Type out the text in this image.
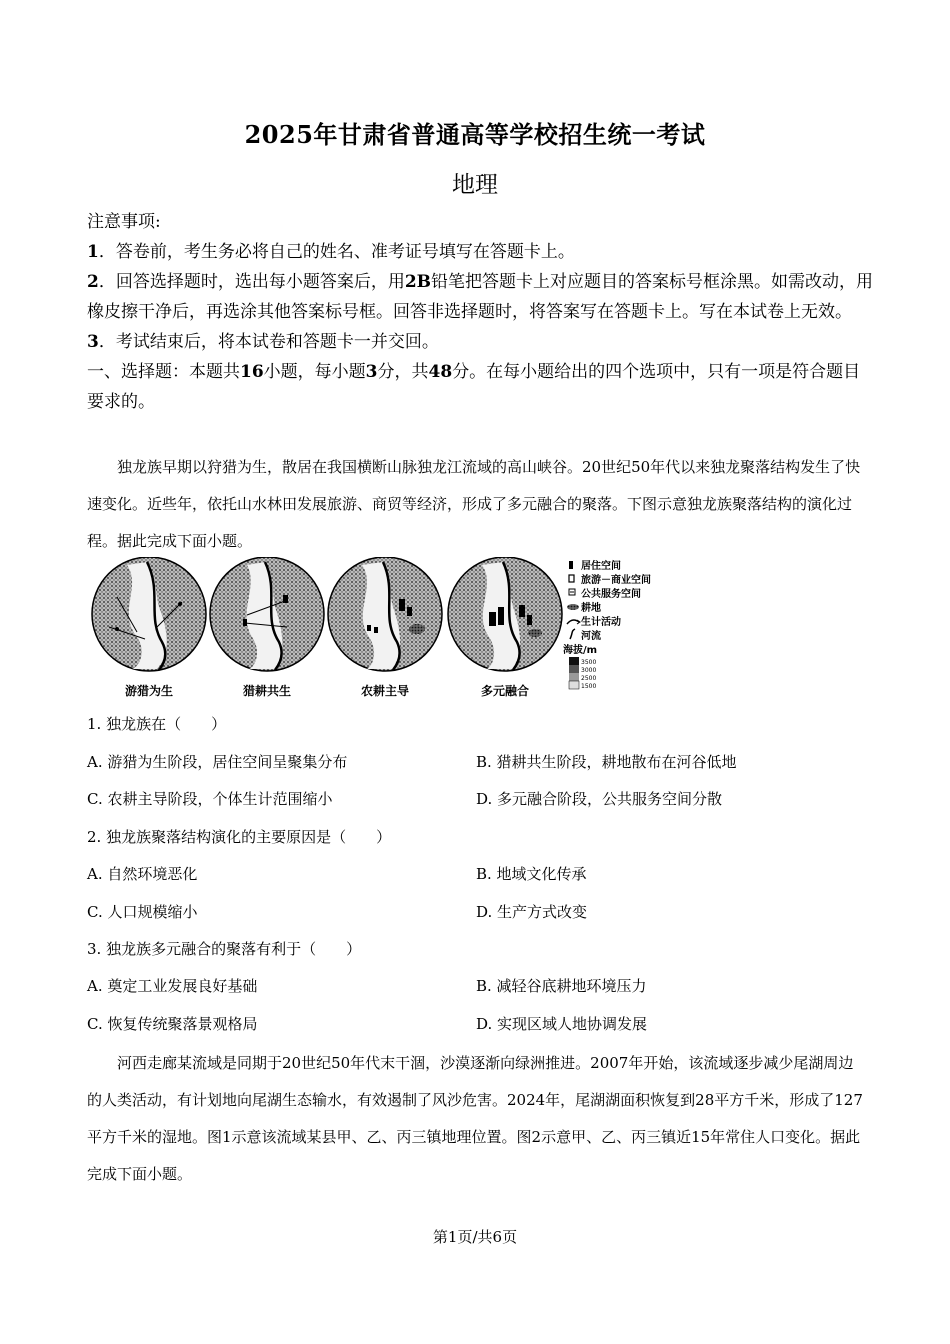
2025年甘肃省普通高等学校招生统一考试
地理

注意事项:

1．答卷前，考生务必将自己的姓名、准考证号填写在答题卡上。

2．回答选择题时，选出每小题答案后，用2B铅笔把答题卡上对应题目的答案标号框涂黑。如需改动，用橡皮擦干净后，再选涂其他答案标号框。回答非选择题时，将答案写在答题卡上。写在本试卷上无效。

3．考试结束后，将本试卷和答题卡一并交回。

一、选择题：本题共16小题，每小题3分，共48分。在每小题给出的四个选项中，只有一项是符合题目要求的。

独龙族早期以狩猎为生，散居在我国横断山脉独龙江流域的高山峡谷。20世纪50年代以来独龙聚落结构发生了快速变化。近些年，依托山水林田发展旅游、商贸等经济，形成了多元融合的聚落。下图示意独龙族聚落结构的演化过程。据此完成下面小题。

游猎为生	猎耕共生	农耕主导	多元融合
居住空间
旅游－商业空间
公共服务空间
耕地
生计活动
河流
海拔/m
3500
3000
2500
1500
1. 独龙族在（　　）
A. 游猎为生阶段，居住空间呈聚集分布	B. 猎耕共生阶段，耕地散布在河谷低地
C. 农耕主导阶段，个体生计范围缩小	D. 多元融合阶段，公共服务空间分散
2. 独龙族聚落结构演化的主要原因是（　　）
A. 自然环境恶化	B. 地域文化传承
C. 人口规模缩小	D. 生产方式改变
3. 独龙族多元融合的聚落有利于（　　）
A. 奠定工业发展良好基础	B. 减轻谷底耕地环境压力
C. 恢复传统聚落景观格局	D. 实现区域人地协调发展

河西走廊某流域是同期于20世纪50年代末干涸，沙漠逐渐向绿洲推进。2007年开始，该流域逐步减少尾湖周边的人类活动，有计划地向尾湖生态输水，有效遏制了风沙危害。2024年，尾湖湖面积恢复到28平方千米，形成了127平方千米的湿地。图1示意该流域某县甲、乙、丙三镇地理位置。图2示意甲、乙、丙三镇近15年常住人口变化。据此完成下面小题。

第1页/共6页
